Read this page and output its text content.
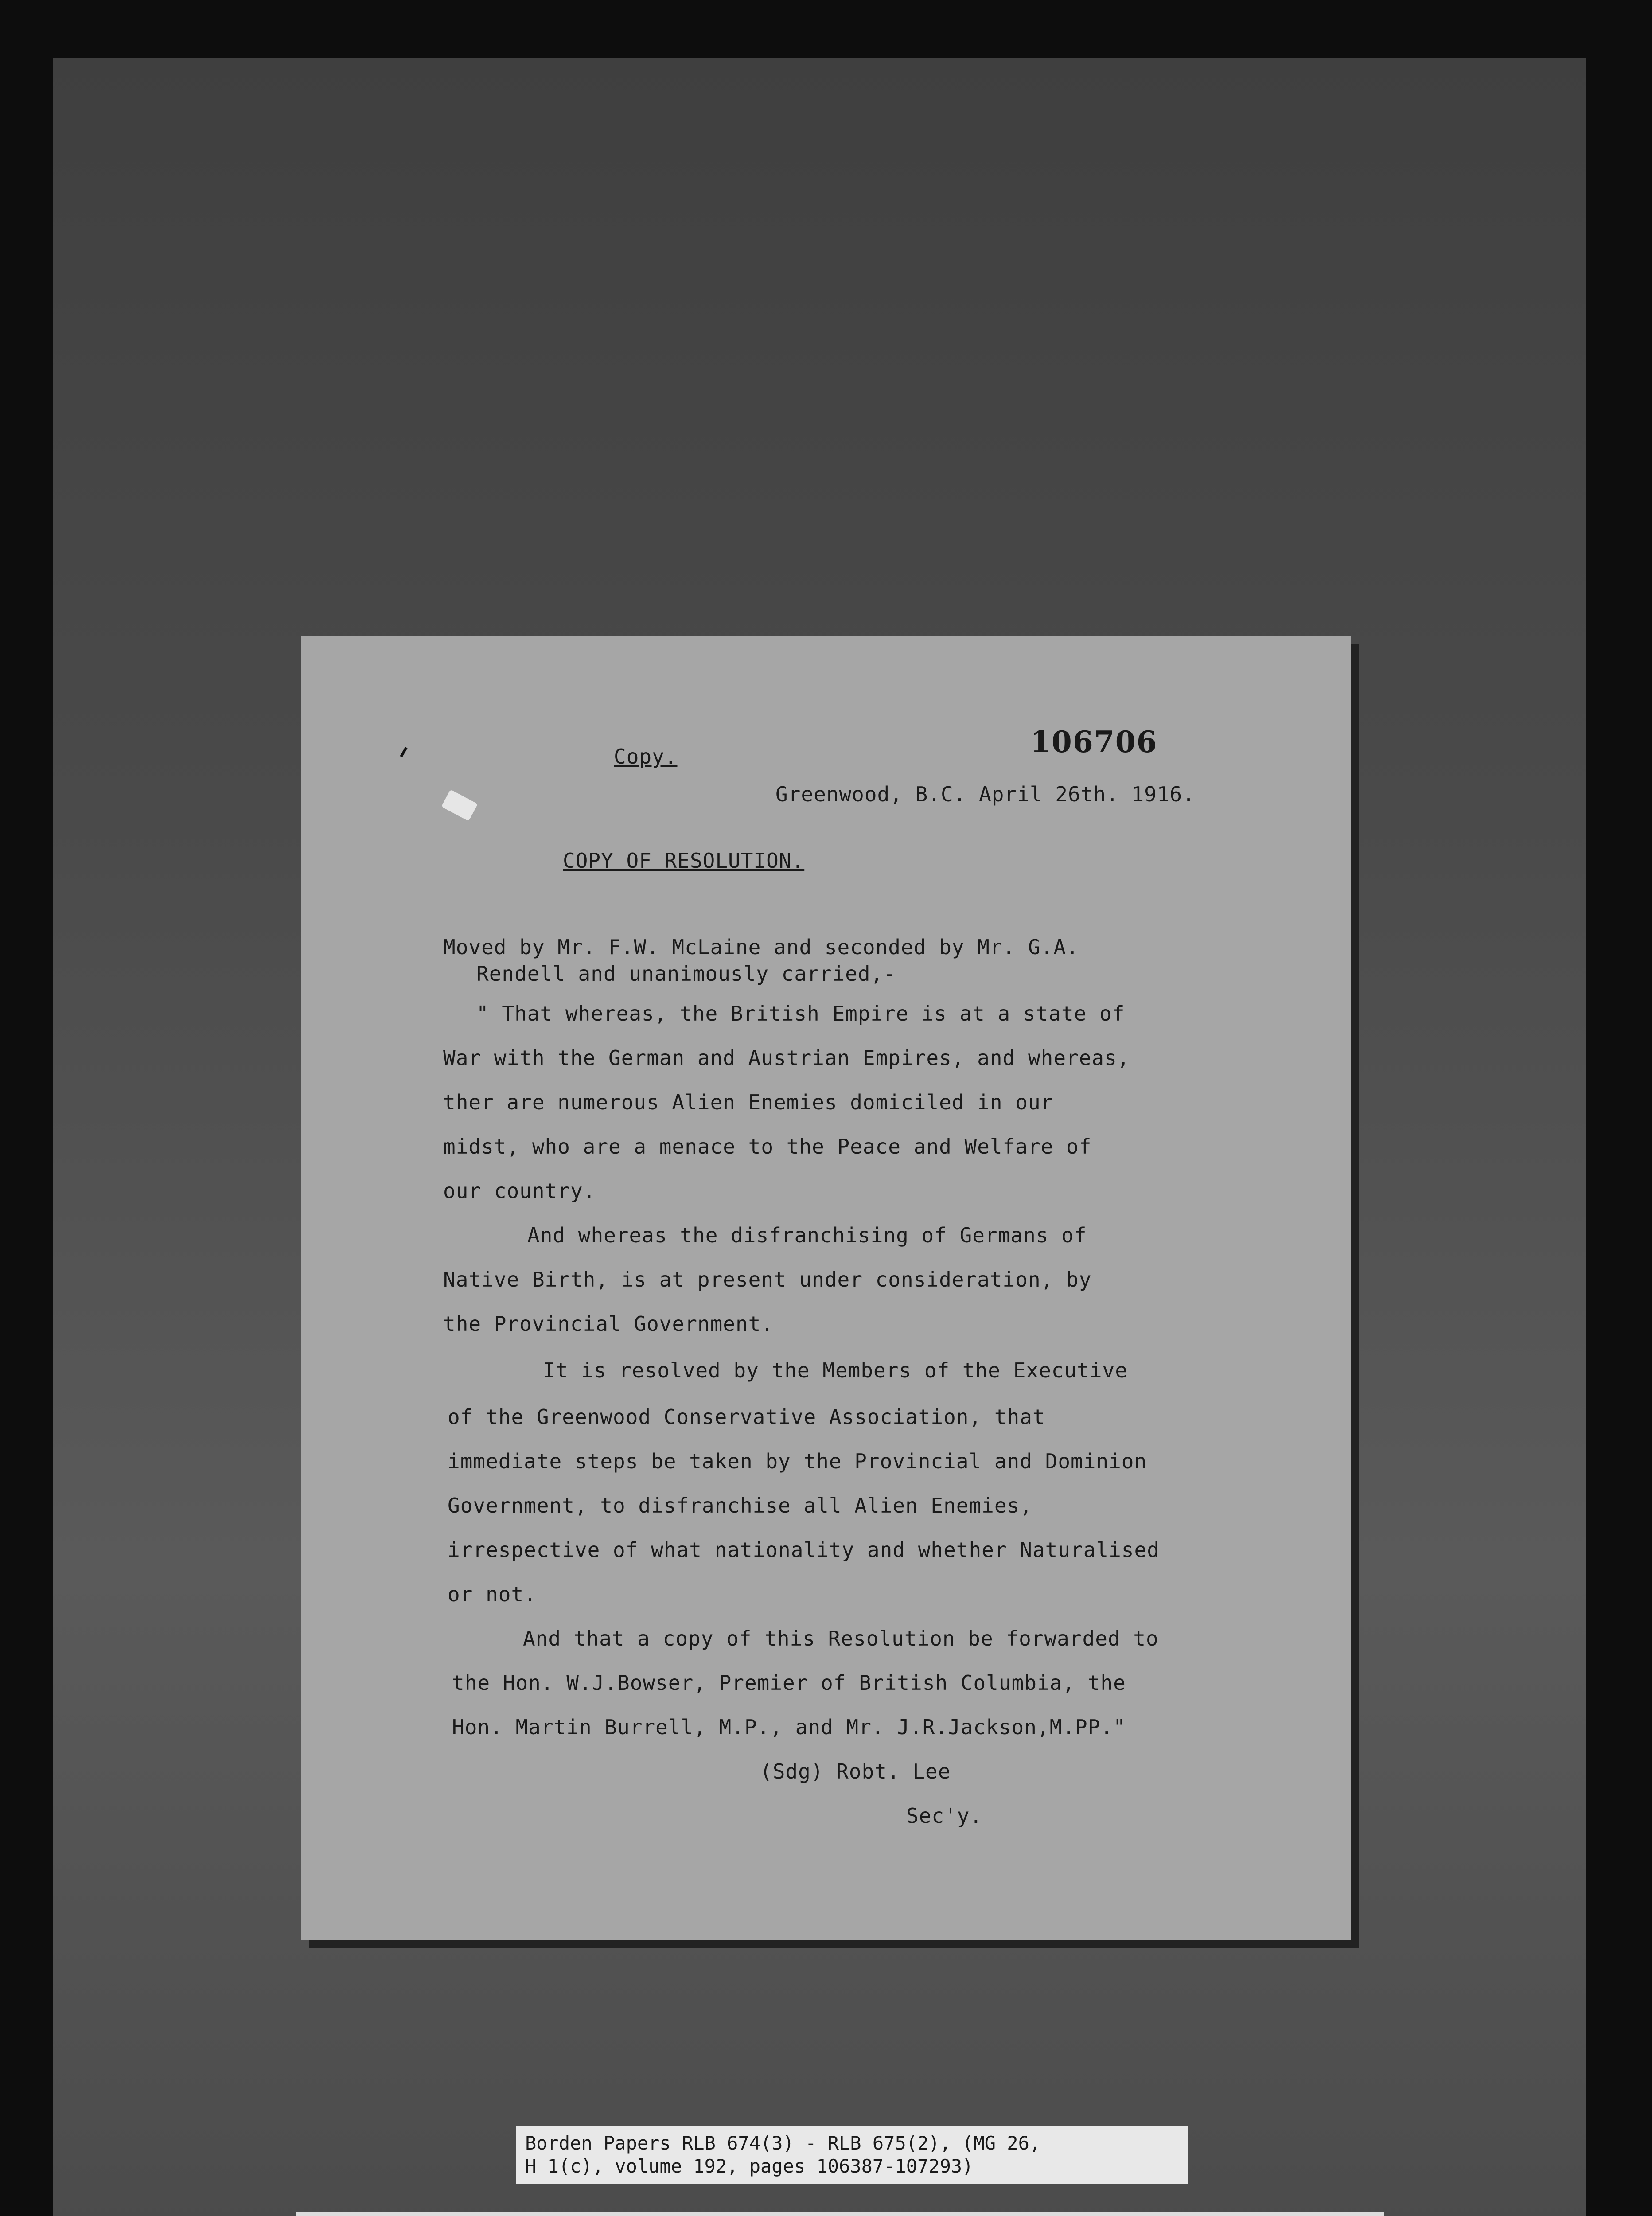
Copy.	106706
Greenwood, B.C. April 26th. 1916.
COPY OF RESOLUTION.
Moved by Mr. F.W. McLaine and seconded by Mr. G.A.
Rendell and unanimously carried,-
" That whereas, the British Empire is at a state of
War with the German and Austrian Empires, and whereas,
ther are numerous Alien Enemies domiciled in our
midst, who are a menace to the Peace and Welfare of
our country.
And whereas the disfranchising of Germans of
Native Birth, is at present under consideration, by
the Provincial Government.
It is resolved by the Members of the Executive
of the Greenwood Conservative Association, that
immediate steps be taken by the Provincial and Dominion
Government, to disfranchise all Alien Enemies,
irrespective of what nationality and whether Naturalised
or not.
And that a copy of this Resolution be forwarded to
the Hon. W.J.Bowser, Premier of British Columbia, the
Hon. Martin Burrell, M.P., and Mr. J.R.Jackson,M.PP."
(Sdg) Robt. Lee
Sec'y.
Borden Papers RLB 674(3) - RLB 675(2), (MG 26,
H 1(c), volume 192, pages 106387-107293)
